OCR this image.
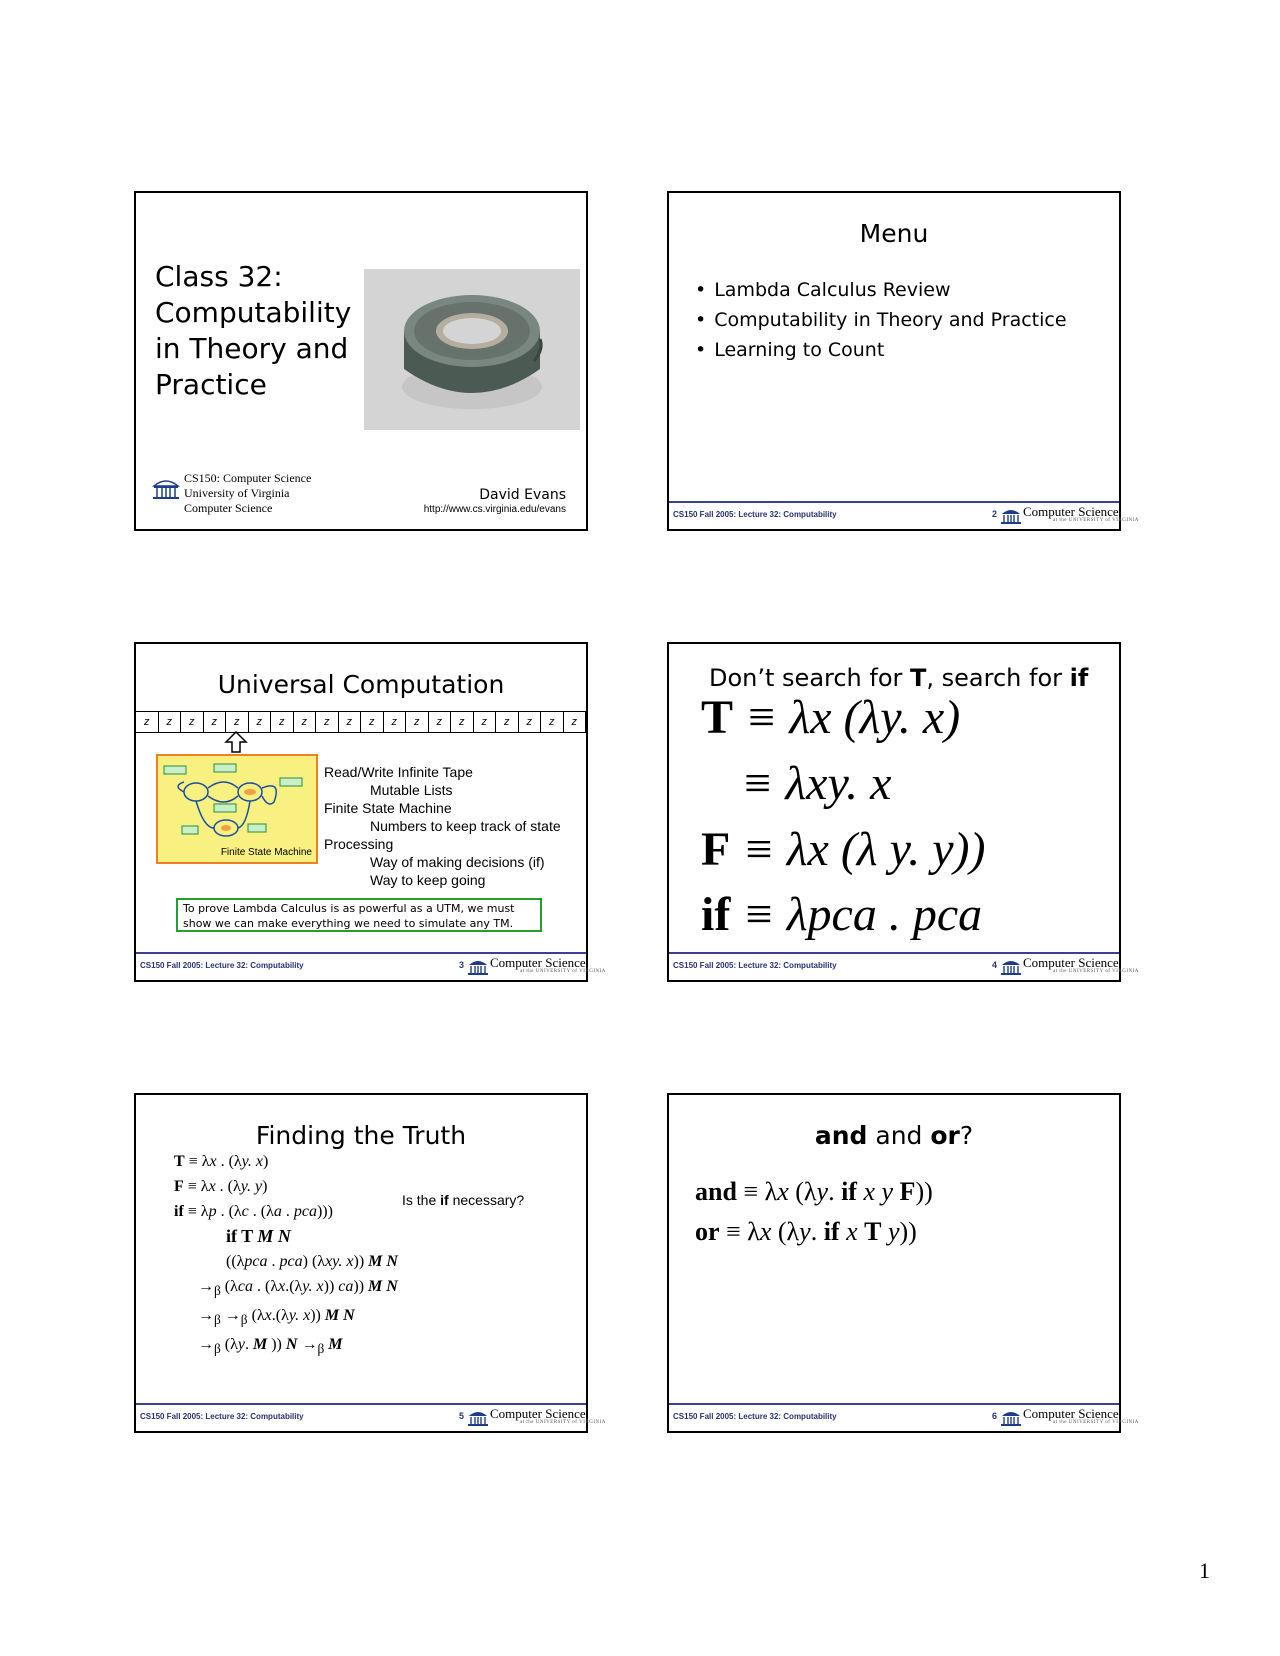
Class 32:
Computability
in Theory and
Practice
CS150: Computer Science
University of Virginia
Computer Science
David Evans
http://www.cs.virginia.edu/evans
Menu
• Lambda Calculus Review
• Computability in Theory and Practice
• Learning to Count
CS150 Fall 2005: Lecture 32: Computability	2 Computer Science
at the UNIVERSITY of VIRGINIA
Universal Computation
z	z	z	z	z	z	z	z	z	z	z	z	z	z	z	z	z	z	z	z
Finite State Machine
Read/Write Infinite Tape
Mutable Lists
Finite State Machine
Numbers to keep track of state
Processing
Way of making decisions (if)
Way to keep going
To prove Lambda Calculus is as powerful as a UTM, we must
show we can make everything we need to simulate any TM.
CS150 Fall 2005: Lecture 32: Computability	3 Computer Science
at the UNIVERSITY of VIRGINIA
Don’t search for T, search for if
T ≡ λx (λy. x)
≡ λxy. x
F ≡ λx (λ y. y))
if ≡ λpca . pca
CS150 Fall 2005: Lecture 32: Computability	4 Computer Science
at the UNIVERSITY of VIRGINIA
Finding the Truth
T ≡ λx . (λy. x)
F ≡ λx . (λy. y)
if ≡ λp . (λc . (λa . pca)))
if T M N
((λpca . pca) (λxy. x)) M N
$\to_\beta$ (λca . (λx.(λy. x)) ca)) M N
$\to_\beta \to_\beta$ (λx.(λy. x)) M N
$\to_\beta$ (λy. M )) $N \to_\beta$ M
Is the if necessary?
CS150 Fall 2005: Lecture 32: Computability	5 Computer Science
at the UNIVERSITY of VIRGINIA
and and or?
and ≡ λx (λy. if x y F))
or ≡ λx (λy. if x T y))
CS150 Fall 2005: Lecture 32: Computability	6 Computer Science
at the UNIVERSITY of VIRGINIA
1
